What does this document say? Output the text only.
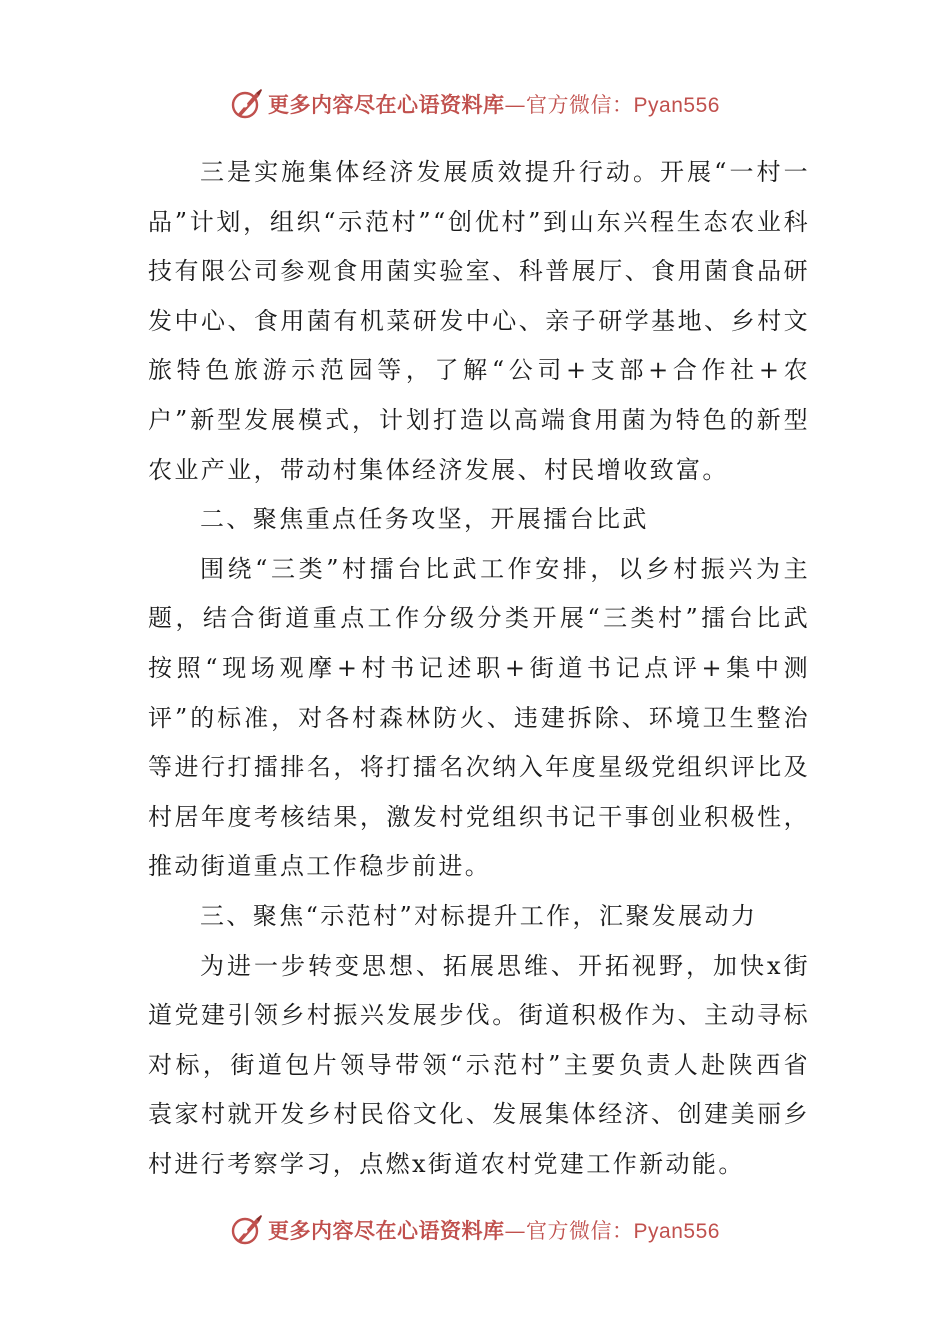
更多内容尽在心语资料库—官方微信：Pyan556

三是实施集体经济发展质效提升行动。开展“一村一品”计划，组织“示范村”“创优村”到山东兴程生态农业科技有限公司参观食用菌实验室、科普展厅、食用菌食品研发中心、食用菌有机菜研发中心、亲子研学基地、乡村文旅特色旅游示范园等，了解“公司+支部+合作社+农户”新型发展模式，计划打造以高端食用菌为特色的新型农业产业，带动村集体经济发展、村民增收致富。

二、聚焦重点任务攻坚，开展擂台比武

围绕“三类”村擂台比武工作安排，以乡村振兴为主题，结合街道重点工作分级分类开展“三类村”擂台比武按照“现场观摩+村书记述职+街道书记点评+集中测评”的标准，对各村森林防火、违建拆除、环境卫生整治等进行打擂排名，将打擂名次纳入年度星级党组织评比及村居年度考核结果，激发村党组织书记干事创业积极性，推动街道重点工作稳步前进。

三、聚焦“示范村”对标提升工作，汇聚发展动力

为进一步转变思想、拓展思维、开拓视野，加快x街道党建引领乡村振兴发展步伐。街道积极作为、主动寻标对标，街道包片领导带领“示范村”主要负责人赴陕西省袁家村就开发乡村民俗文化、发展集体经济、创建美丽乡村进行考察学习，点燃x街道农村党建工作新动能。

更多内容尽在心语资料库—官方微信：Pyan556
